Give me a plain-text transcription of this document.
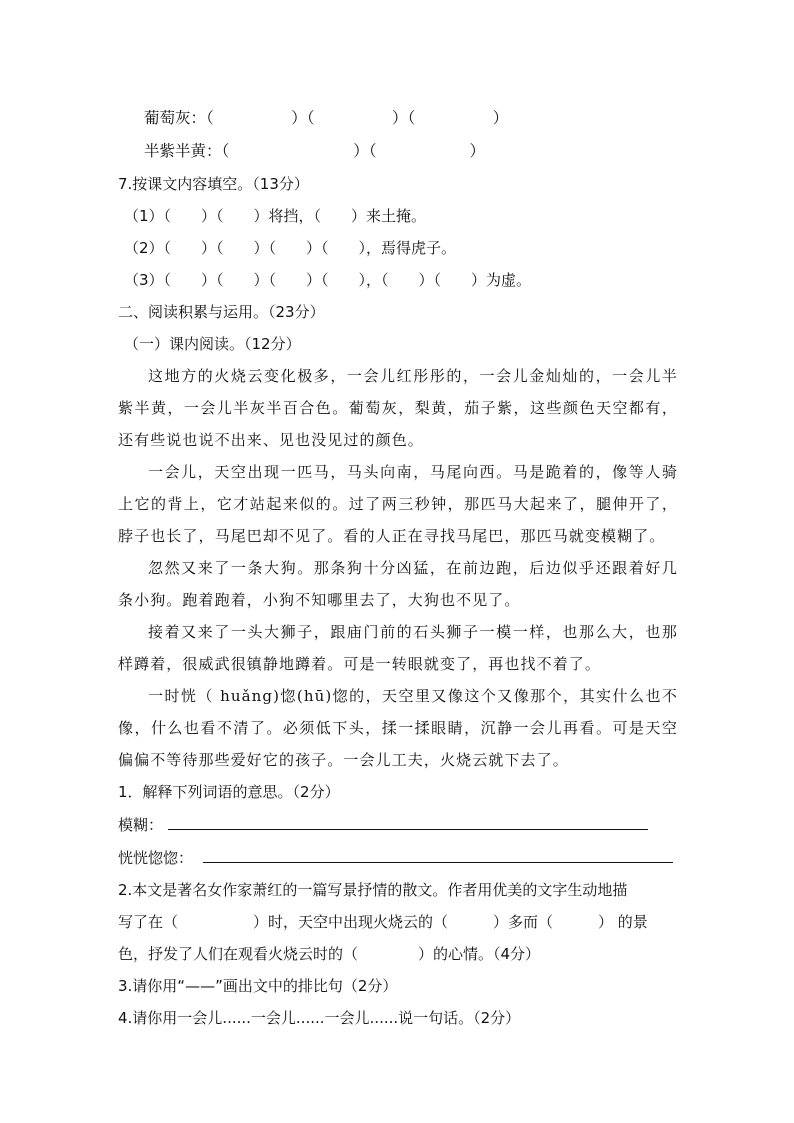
葡萄灰：（　　　　　）（　　　　　）（　　　　　）
半紫半黄：（　　　　　　　　）（　　　　　　）
7.按课文内容填空。（13分）
（1）（　　）（　　）将挡，（　　）来土掩。
（2）（　　）（　　）（　　）（　　），焉得虎子。
（3）（　　）（　　）（　　）（　　），（　　）（　　）为虚。
二、阅读积累与运用。（23分）
（一）课内阅读。（12分）

这地方的火烧云变化极多，一会儿红彤彤的，一会儿金灿灿的，一会儿半紫半黄，一会儿半灰半百合色。葡萄灰，梨黄，茄子紫，这些颜色天空都有，还有些说也说不出来、见也没见过的颜色。

一会儿，天空出现一匹马，马头向南，马尾向西。马是跪着的，像等人骑上它的背上，它才站起来似的。过了两三秒钟，那匹马大起来了，腿伸开了，脖子也长了，马尾巴却不见了。看的人正在寻找马尾巴，那匹马就变模糊了。

忽然又来了一条大狗。那条狗十分凶猛，在前边跑，后边似乎还跟着好几条小狗。跑着跑着，小狗不知哪里去了，大狗也不见了。

接着又来了一头大狮子，跟庙门前的石头狮子一模一样，也那么大，也那样蹲着，很威武很镇静地蹲着。可是一转眼就变了，再也找不着了。

一时恍（ huǎng)惚(hū)惚的，天空里又像这个又像那个，其实什么也不像，什么也看不清了。必须低下头，揉一揉眼睛，沉静一会儿再看。可是天空偏偏不等待那些爱好它的孩子。一会儿工夫，火烧云就下去了。

1．解释下列词语的意思。（2分）
模糊：
恍恍惚惚：
2.本文是著名女作家萧红的一篇写景抒情的散文。作者用优美的文字生动地描
写了在（　　　　　）时，天空中出现火烧云的（　　　）多而（　　　） 的景
色，抒发了人们在观看火烧云时的（　　　　）的心情。（4分）
3.请你用“——”画出文中的排比句（2分）
4.请你用一会儿......一会儿......一会儿......说一句话。（2分）
